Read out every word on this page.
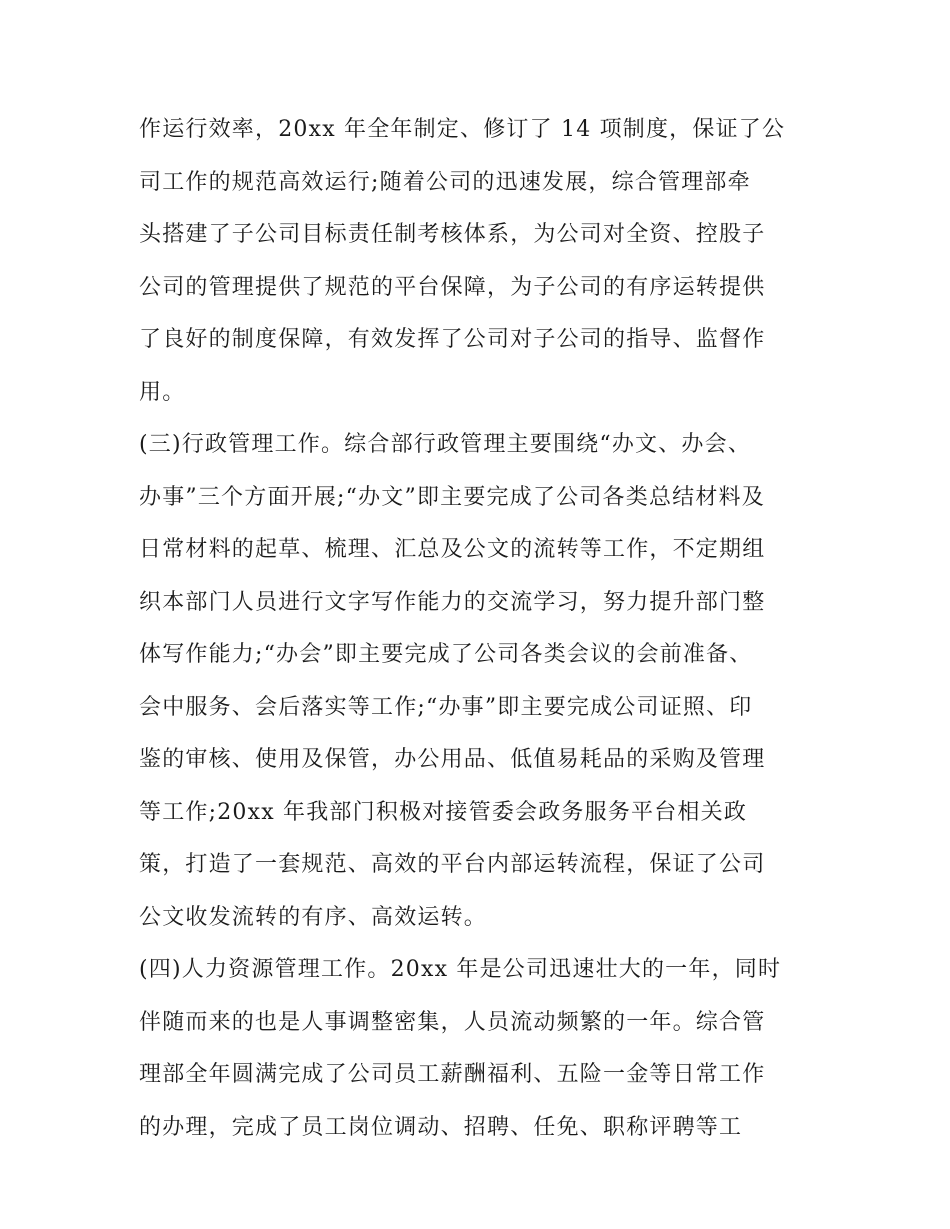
作运行效率，20xx 年全年制定、修订了 14 项制度，保证了公
司工作的规范高效运行;随着公司的迅速发展，综合管理部牵
头搭建了子公司目标责任制考核体系，为公司对全资、控股子
公司的管理提供了规范的平台保障，为子公司的有序运转提供
了良好的制度保障，有效发挥了公司对子公司的指导、监督作
用。
(三)行政管理工作。综合部行政管理主要围绕“办文、办会、
办事”三个方面开展;“办文”即主要完成了公司各类总结材料及
日常材料的起草、梳理、汇总及公文的流转等工作，不定期组
织本部门人员进行文字写作能力的交流学习，努力提升部门整
体写作能力;“办会”即主要完成了公司各类会议的会前准备、
会中服务、会后落实等工作;“办事”即主要完成公司证照、印
鉴的审核、使用及保管，办公用品、低值易耗品的采购及管理
等工作;20xx 年我部门积极对接管委会政务服务平台相关政
策，打造了一套规范、高效的平台内部运转流程，保证了公司
公文收发流转的有序、高效运转。
(四)人力资源管理工作。20xx 年是公司迅速壮大的一年，同时
伴随而来的也是人事调整密集，人员流动频繁的一年。综合管
理部全年圆满完成了公司员工薪酬福利、五险一金等日常工作
的办理，完成了员工岗位调动、招聘、任免、职称评聘等工
